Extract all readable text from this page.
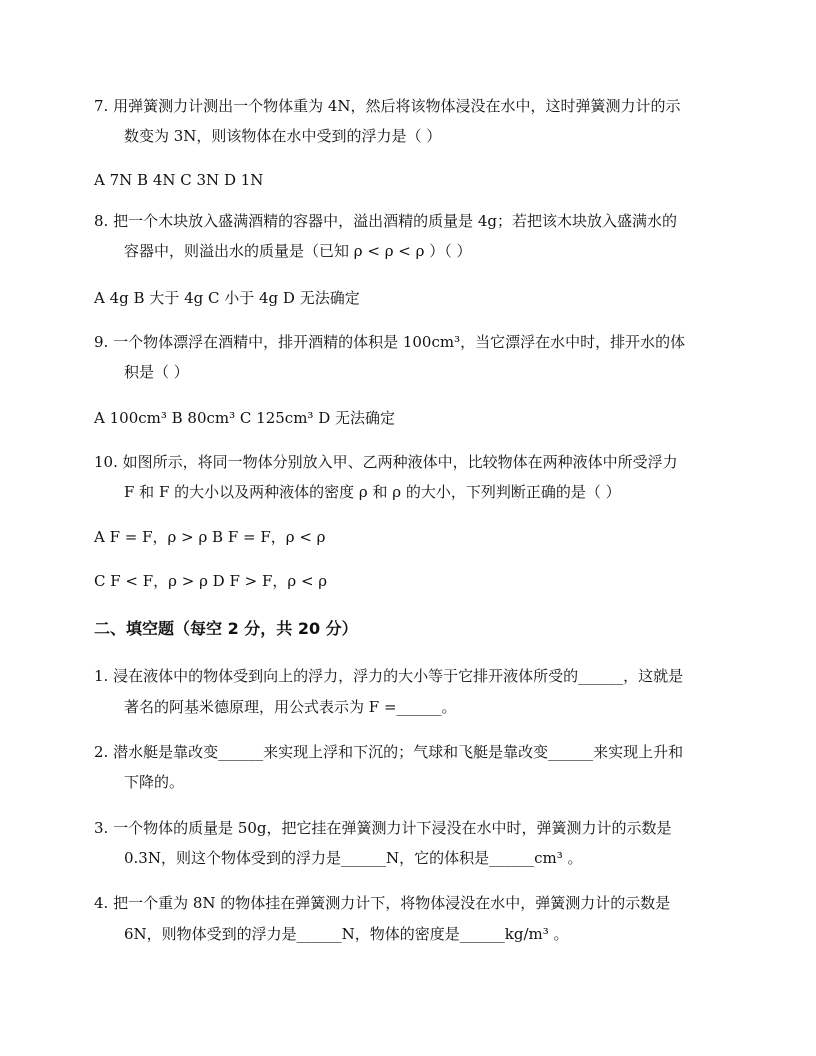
7. 用弹簧测力计测出一个物体重为 4N，然后将该物体浸没在水中，这时弹簧测力计的示
数变为 3N，则该物体在水中受到的浮力是（ ）
A 7N B 4N C 3N D 1N
8. 把一个木块放入盛满酒精的容器中，溢出酒精的质量是 4g；若把该木块放入盛满水的
容器中，则溢出水的质量是（已知 ρ < ρ < ρ ）（ ）
A 4g B 大于 4g C 小于 4g D 无法确定
9. 一个物体漂浮在酒精中，排开酒精的体积是 100cm³，当它漂浮在水中时，排开水的体
积是（ ）
A 100cm³ B 80cm³ C 125cm³ D 无法确定
10. 如图所示，将同一物体分别放入甲、乙两种液体中，比较物体在两种液体中所受浮力
F 和 F 的大小以及两种液体的密度 ρ 和 ρ 的大小，下列判断正确的是（ ）
A F = F，ρ > ρ B F = F，ρ < ρ
C F < F，ρ > ρ D F > F，ρ < ρ
二、填空题（每空 2 分，共 20 分）
1. 浸在液体中的物体受到向上的浮力，浮力的大小等于它排开液体所受的______，这就是
著名的阿基米德原理，用公式表示为 F =______。
2. 潜水艇是靠改变______来实现上浮和下沉的；气球和飞艇是靠改变______来实现上升和
下降的。
3. 一个物体的质量是 50g，把它挂在弹簧测力计下浸没在水中时，弹簧测力计的示数是
0.3N，则这个物体受到的浮力是______N，它的体积是______cm³ 。
4. 把一个重为 8N 的物体挂在弹簧测力计下，将物体浸没在水中，弹簧测力计的示数是
6N，则物体受到的浮力是______N，物体的密度是______kg/m³ 。
